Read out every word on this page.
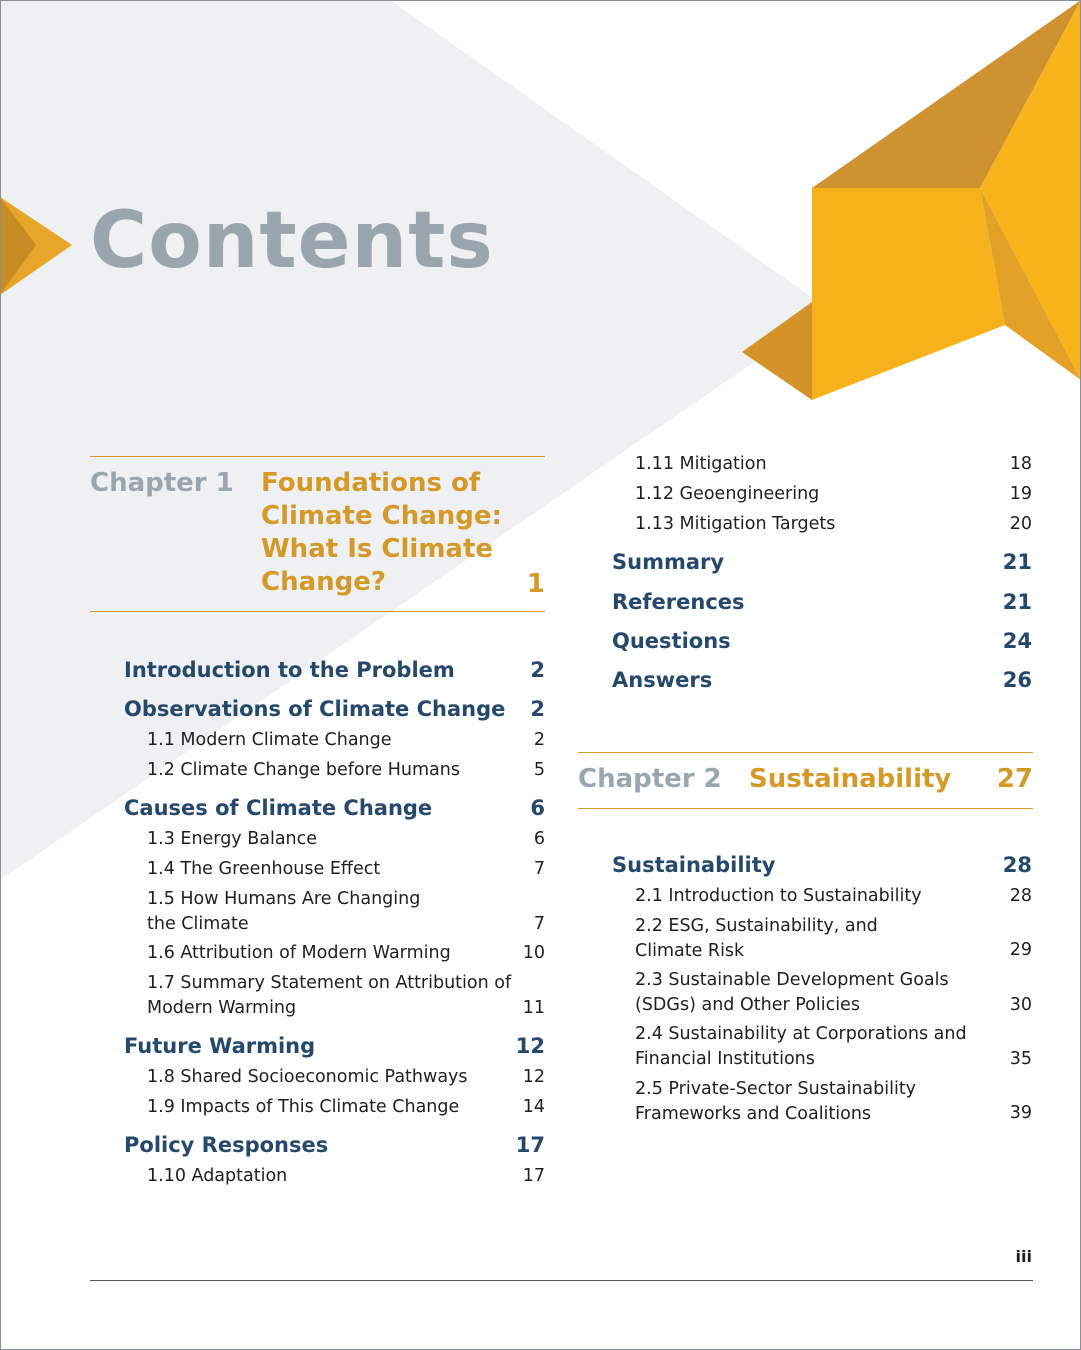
Contents
Chapter 1 Foundations of Climate Change: What Is Climate Change?	1
Introduction to the Problem	2
Observations of Climate Change	2
1.1 Modern Climate Change	2
1.2 Climate Change before Humans	5
Causes of Climate Change	6
1.3 Energy Balance	6
1.4 The Greenhouse Effect	7
1.5 How Humans Are Changing the Climate	7
1.6 Attribution of Modern Warming	10
1.7 Summary Statement on Attribution of Modern Warming	11
Future Warming	12
1.8 Shared Socioeconomic Pathways	12
1.9 Impacts of This Climate Change	14
Policy Responses	17
1.10 Adaptation	17
1.11 Mitigation	18
1.12 Geoengineering	19
1.13 Mitigation Targets	20
Summary	21
References	21
Questions	24
Answers	26
Chapter 2 Sustainability	27
Sustainability	28
2.1 Introduction to Sustainability	28
2.2 ESG, Sustainability, and Climate Risk	29
2.3 Sustainable Development Goals (SDGs) and Other Policies	30
2.4 Sustainability at Corporations and Financial Institutions	35
2.5 Private-Sector Sustainability Frameworks and Coalitions	39
iii
